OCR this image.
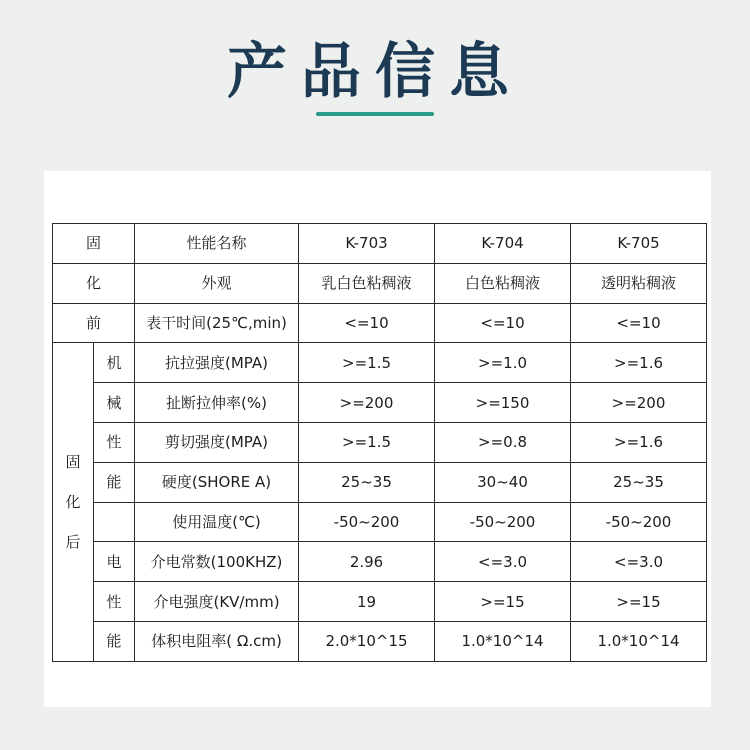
产品信息
固		性能名称	K-703	K-704	K-705
化		外观	乳白色粘稠液	白色粘稠液	透明粘稠液
前		表干时间(25℃,min)	<=10	<=10	<=10

固
化
后	机	抗拉强度(MPA)	>=1.5	>=1.0	>=1.6
	械	扯断拉伸率(%)	>=200	>=150	>=200
	性	剪切强度(MPA)	>=1.5	>=0.8	>=1.6
	能	硬度(SHORE A)	25~35	30~40	25~35
		使用温度(℃)	-50~200	-50~200	-50~200
	电	介电常数(100KHZ)	2.96	<=3.0	<=3.0
	性	介电强度(KV/mm)	19	>=15	>=15
	能	体积电阻率( Ω.cm)	2.0*10^15	1.0*10^14	1.0*10^14
